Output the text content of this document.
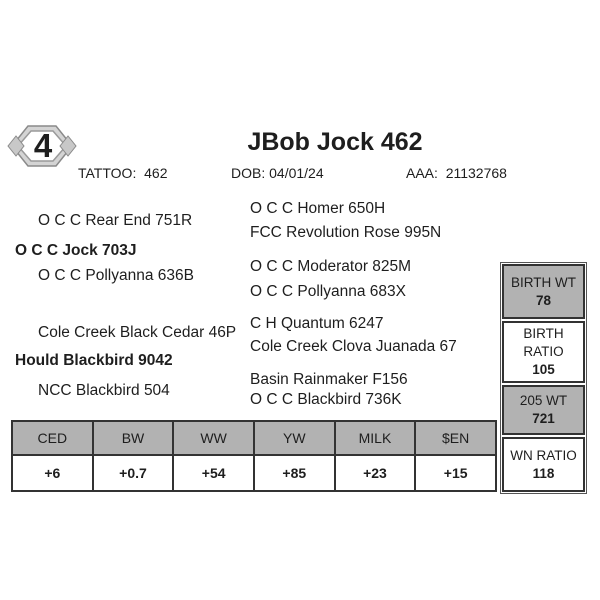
4	JBob Jock 462
TATTOO: 462	DOB: 04/01/24	AAA: 21132768
O C C Rear End 751R
O C C Jock 703J
O C C Pollyanna 636B
Cole Creek Black Cedar 46P
Hould Blackbird 9042
NCC Blackbird 504
O C C Homer 650H
FCC Revolution Rose 995N
O C C Moderator 825M
O C C Pollyanna 683X
C H Quantum 6247
Cole Creek Clova Juanada 67
Basin Rainmaker F156
O C C Blackbird 736K
CED	BW	WW	YW	MILK	$EN
+6	+0.7	+54	+85	+23	+15
BIRTH WT
78
BIRTH RATIO
105
205 WT
721
WN RATIO
118
